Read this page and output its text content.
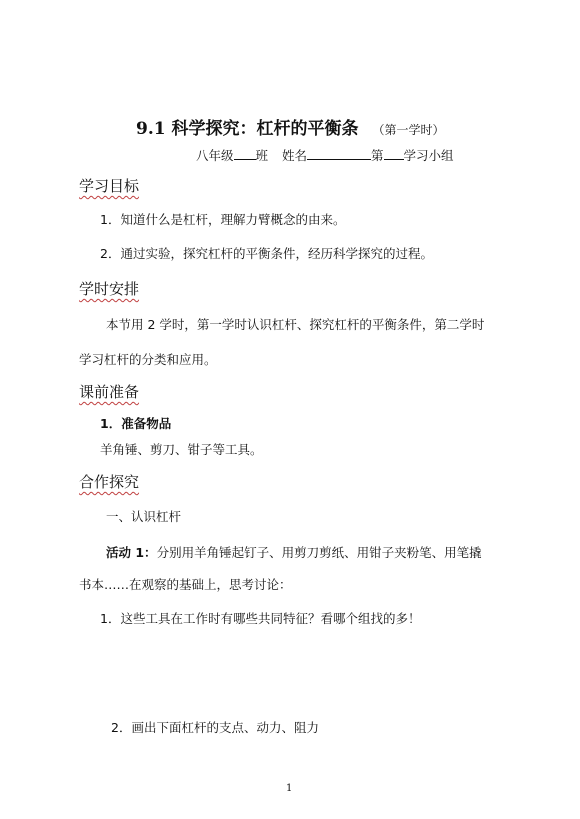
9.1 科学探究：杠杆的平衡条 （第一学时）
八年级 班 姓名	第 学习小组
学习目标
1．知道什么是杠杆，理解力臂概念的由来。
2．通过实验，探究杠杆的平衡条件，经历科学探究的过程。
学时安排
本节用 2 学时，第一学时认识杠杆、探究杠杆的平衡条件，第二学时
学习杠杆的分类和应用。
课前准备
1．准备物品
羊角锤、剪刀、钳子等工具。
合作探究
一、认识杠杆
活动 1：分别用羊角锤起钉子、用剪刀剪纸、用钳子夹粉笔、用笔撬
书本……在观察的基础上，思考讨论：
1．这些工具在工作时有哪些共同特征？看哪个组找的多！
2．画出下面杠杆的支点、动力、阻力
1
